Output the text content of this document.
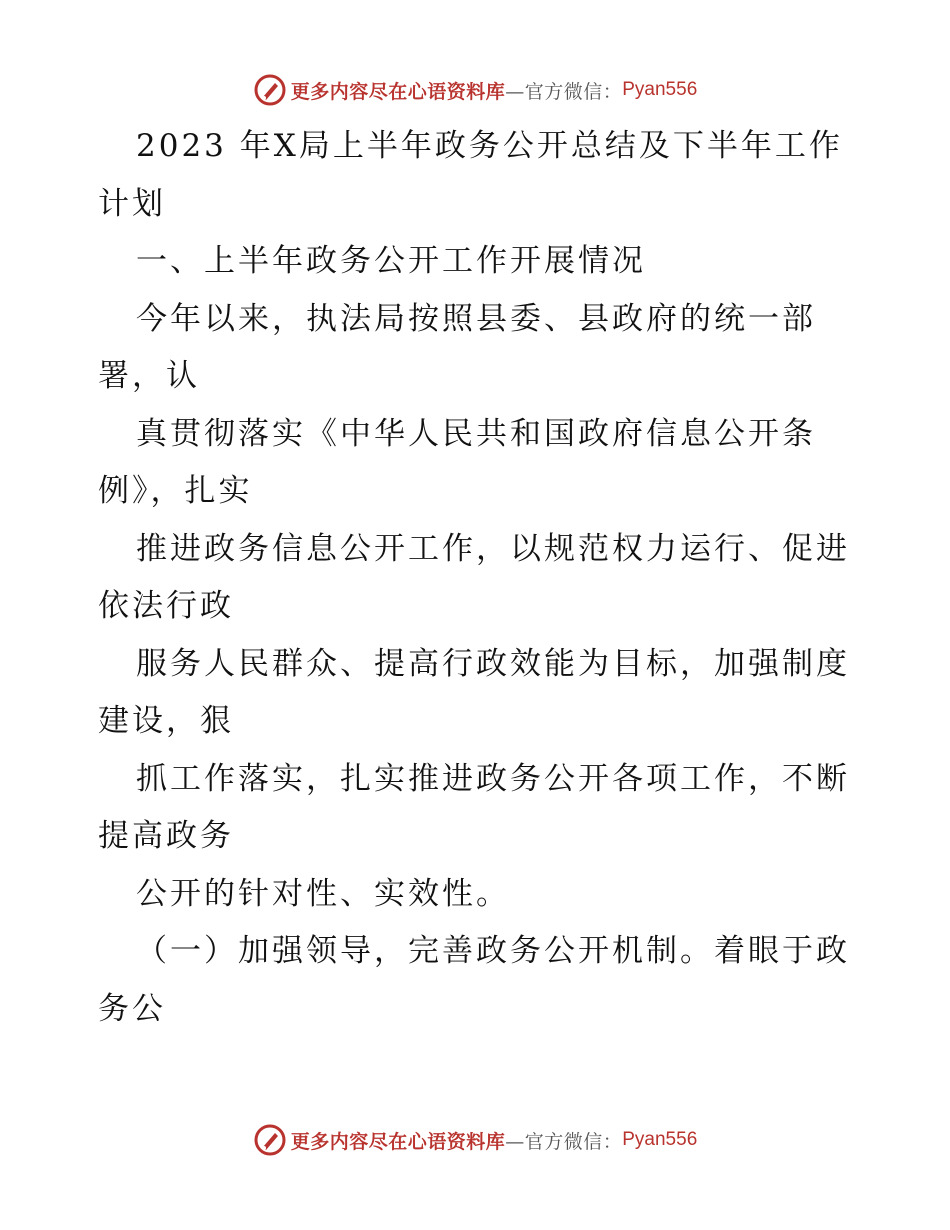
更多内容尽在心语资料库 —官方微信： Pyan556
2023 年X局上半年政务公开总结及下半年工作
计划
一、上半年政务公开工作开展情况
今年以来，执法局按照县委、县政府的统一部
署，认
真贯彻落实《中华人民共和国政府信息公开条
例》，扎实
推进政务信息公开工作，以规范权力运行、促进
依法行政
服务人民群众、提高行政效能为目标，加强制度
建设，狠
抓工作落实，扎实推进政务公开各项工作，不断
提高政务
公开的针对性、实效性。
（一）加强领导，完善政务公开机制。着眼于政
务公
更多内容尽在心语资料库 —官方微信： Pyan556
